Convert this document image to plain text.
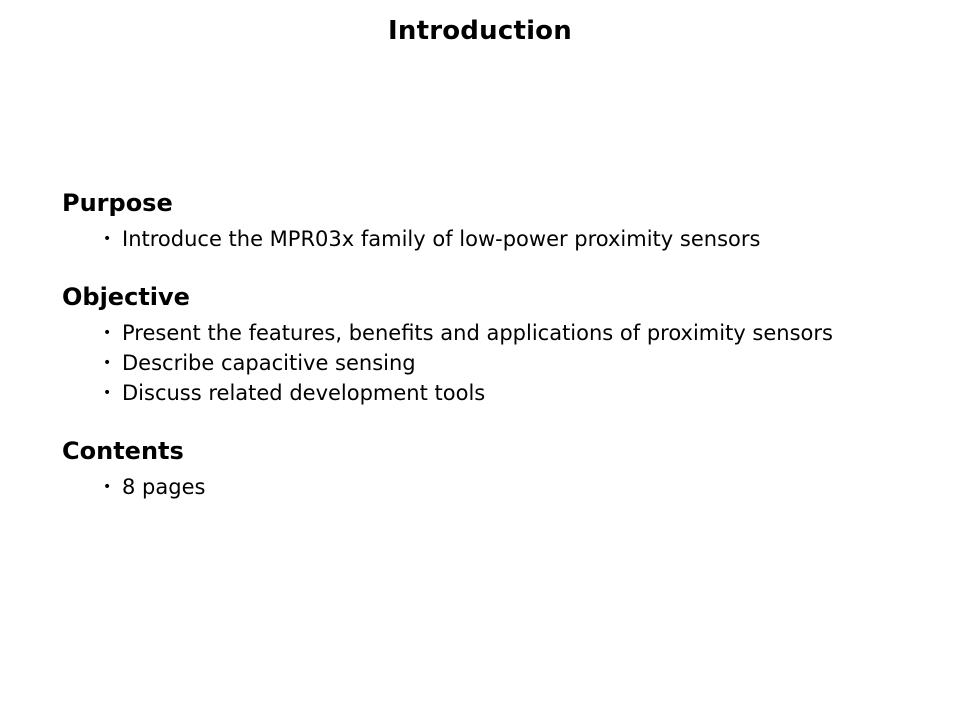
Introduction
Purpose
• Introduce the MPR03x family of low-power proximity sensors
Objective
• Present the features, benefits and applications of proximity sensors
• Describe capacitive sensing
• Discuss related development tools
Contents
• 8 pages
